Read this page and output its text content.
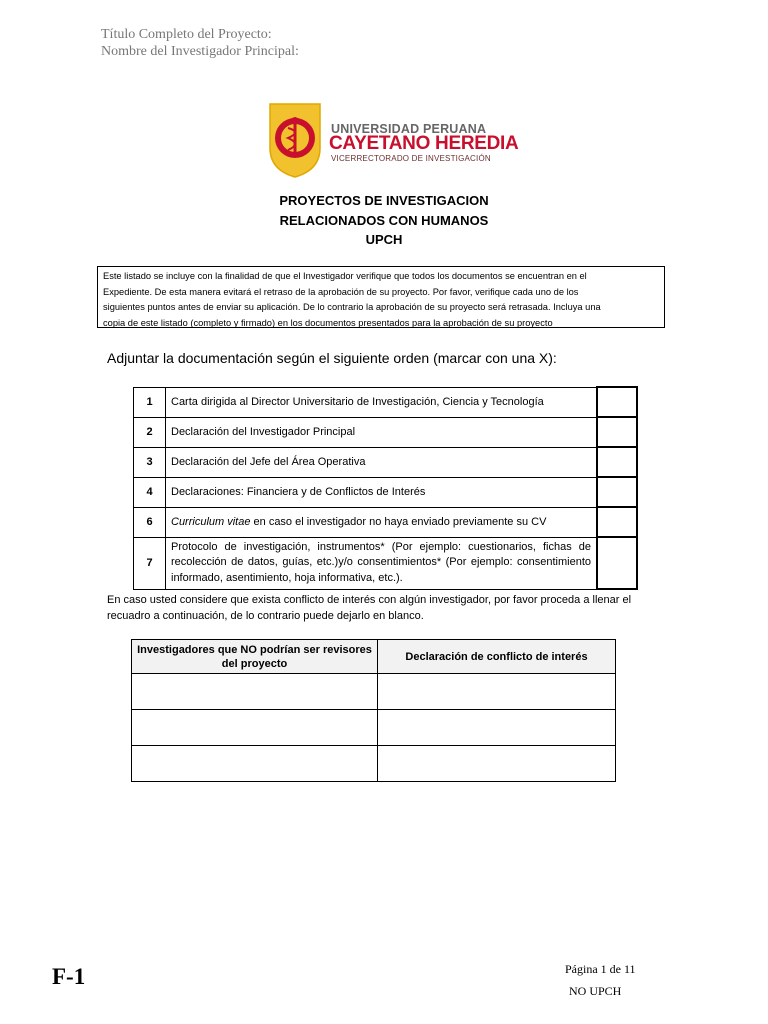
Título Completo del Proyecto:
Nombre del Investigador Principal:
UNIVERSIDAD PERUANA
CAYETANO HEREDIA
VICERRECTORADO DE INVESTIGACIÓN
PROYECTOS DE INVESTIGACION
RELACIONADOS CON HUMANOS
UPCH
Este listado se incluye con la finalidad de que el Investigador verifique que todos los documentos se encuentran en el
Expediente. De esta manera evitará el retraso de la aprobación de su proyecto. Por favor, verifique cada uno de los
siguientes puntos antes de enviar su aplicación. De lo contrario la aprobación de su proyecto será retrasada. Incluya una
copia de este listado (completo y firmado) en los documentos presentados para la aprobación de su proyecto
Adjuntar la documentación según el siguiente orden (marcar con una X):
1	Carta dirigida al Director Universitario de Investigación, Ciencia y Tecnología	
2	Declaración del Investigador Principal	
3	Declaración del Jefe del Área Operativa	
4	Declaraciones: Financiera y de Conflictos de Interés	
6	Curriculum vitae en caso el investigador no haya enviado previamente su CV	
7	Protocolo de investigación, instrumentos* (Por ejemplo: cuestionarios, fichas de recolección de datos, guías, etc.)y/o consentimientos* (Por ejemplo: consentimiento informado, asentimiento, hoja informativa, etc.).	
En caso usted considere que exista conflicto de interés con algún investigador, por favor proceda a llenar el
recuadro a continuación, de lo contrario puede dejarlo en blanco.
Investigadores que NO podrían ser revisores del proyecto	Declaración de conflicto de interés

F-1	Página 1 de 11
NO UPCH
